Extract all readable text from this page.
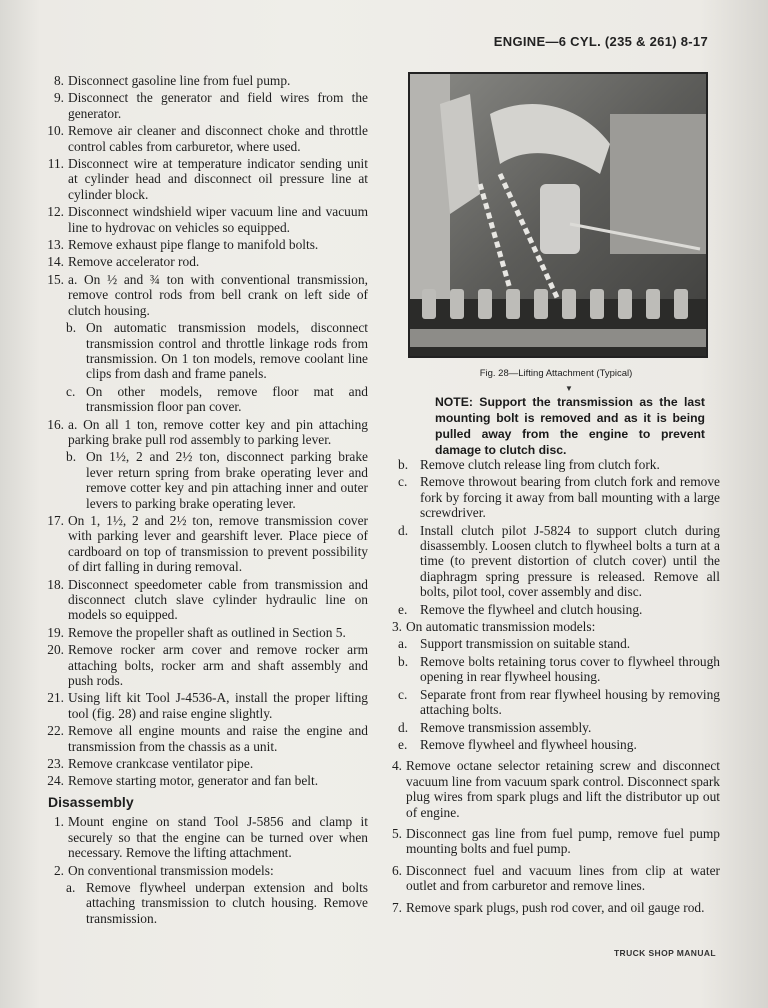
ENGINE—6 CYL. (235 & 261) 8-17
8. Disconnect gasoline line from fuel pump.
9. Disconnect the generator and field wires from the generator.
10. Remove air cleaner and disconnect choke and throttle control cables from carburetor, where used.
11. Disconnect wire at temperature indicator sending unit at cylinder head and disconnect oil pressure line at cylinder block.
12. Disconnect windshield wiper vacuum line and vacuum line to hydrovac on vehicles so equipped.
13. Remove exhaust pipe flange to manifold bolts.
14. Remove accelerator rod.
15. a. On ½ and ¾ ton with conventional transmission, remove control rods from bell crank on left side of clutch housing.
b. On automatic transmission models, disconnect transmission control and throttle linkage rods from transmission. On 1 ton models, remove coolant line clips from dash and frame panels.
c. On other models, remove floor mat and transmission floor pan cover.
16. a. On all 1 ton, remove cotter key and pin attaching parking brake pull rod assembly to parking lever.
b. On 1½, 2 and 2½ ton, disconnect parking brake lever return spring from brake operating lever and remove cotter key and pin attaching inner and outer levers to parking brake operating lever.
17. On 1, 1½, 2 and 2½ ton, remove transmission cover with parking lever and gearshift lever. Place piece of cardboard on top of transmission to prevent possibility of dirt falling in during removal.
18. Disconnect speedometer cable from transmission and disconnect clutch slave cylinder hydraulic line on models so equipped.
19. Remove the propeller shaft as outlined in Section 5.
20. Remove rocker arm cover and remove rocker arm attaching bolts, rocker arm and shaft assembly and push rods.
21. Using lift kit Tool J-4536-A, install the proper lifting tool (fig. 28) and raise engine slightly.
22. Remove all engine mounts and raise the engine and transmission from the chassis as a unit.
23. Remove crankcase ventilator pipe.
24. Remove starting motor, generator and fan belt.
Disassembly
1. Mount engine on stand Tool J-5856 and clamp it securely so that the engine can be turned over when necessary. Remove the lifting attachment.
2. On conventional transmission models:
a. Remove flywheel underpan extension and bolts attaching transmission to clutch housing. Remove transmission.
Fig. 28—Lifting Attachment (Typical)
▼
NOTE: Support the transmission as the last mounting bolt is removed and as it is being pulled away from the engine to prevent damage to clutch disc.
b. Remove clutch release ling from clutch fork.
c. Remove throwout bearing from clutch fork and remove fork by forcing it away from ball mounting with a large screwdriver.
d. Install clutch pilot J-5824 to support clutch during disassembly. Loosen clutch to flywheel bolts a turn at a time (to prevent distortion of clutch cover) until the diaphragm spring pressure is released. Remove all bolts, pilot tool, cover assembly and disc.
e. Remove the flywheel and clutch housing.
3. On automatic transmission models:
a. Support transmission on suitable stand.
b. Remove bolts retaining torus cover to flywheel through opening in rear flywheel housing.
c. Separate front from rear flywheel housing by removing attaching bolts.
d. Remove transmission assembly.
e. Remove flywheel and flywheel housing.
4. Remove octane selector retaining screw and disconnect vacuum line from vacuum spark control. Disconnect spark plug wires from spark plugs and lift the distributor up out of engine.
5. Disconnect gas line from fuel pump, remove fuel pump mounting bolts and fuel pump.
6. Disconnect fuel and vacuum lines from clip at water outlet and from carburetor and remove lines.
7. Remove spark plugs, push rod cover, and oil gauge rod.
TRUCK SHOP MANUAL
